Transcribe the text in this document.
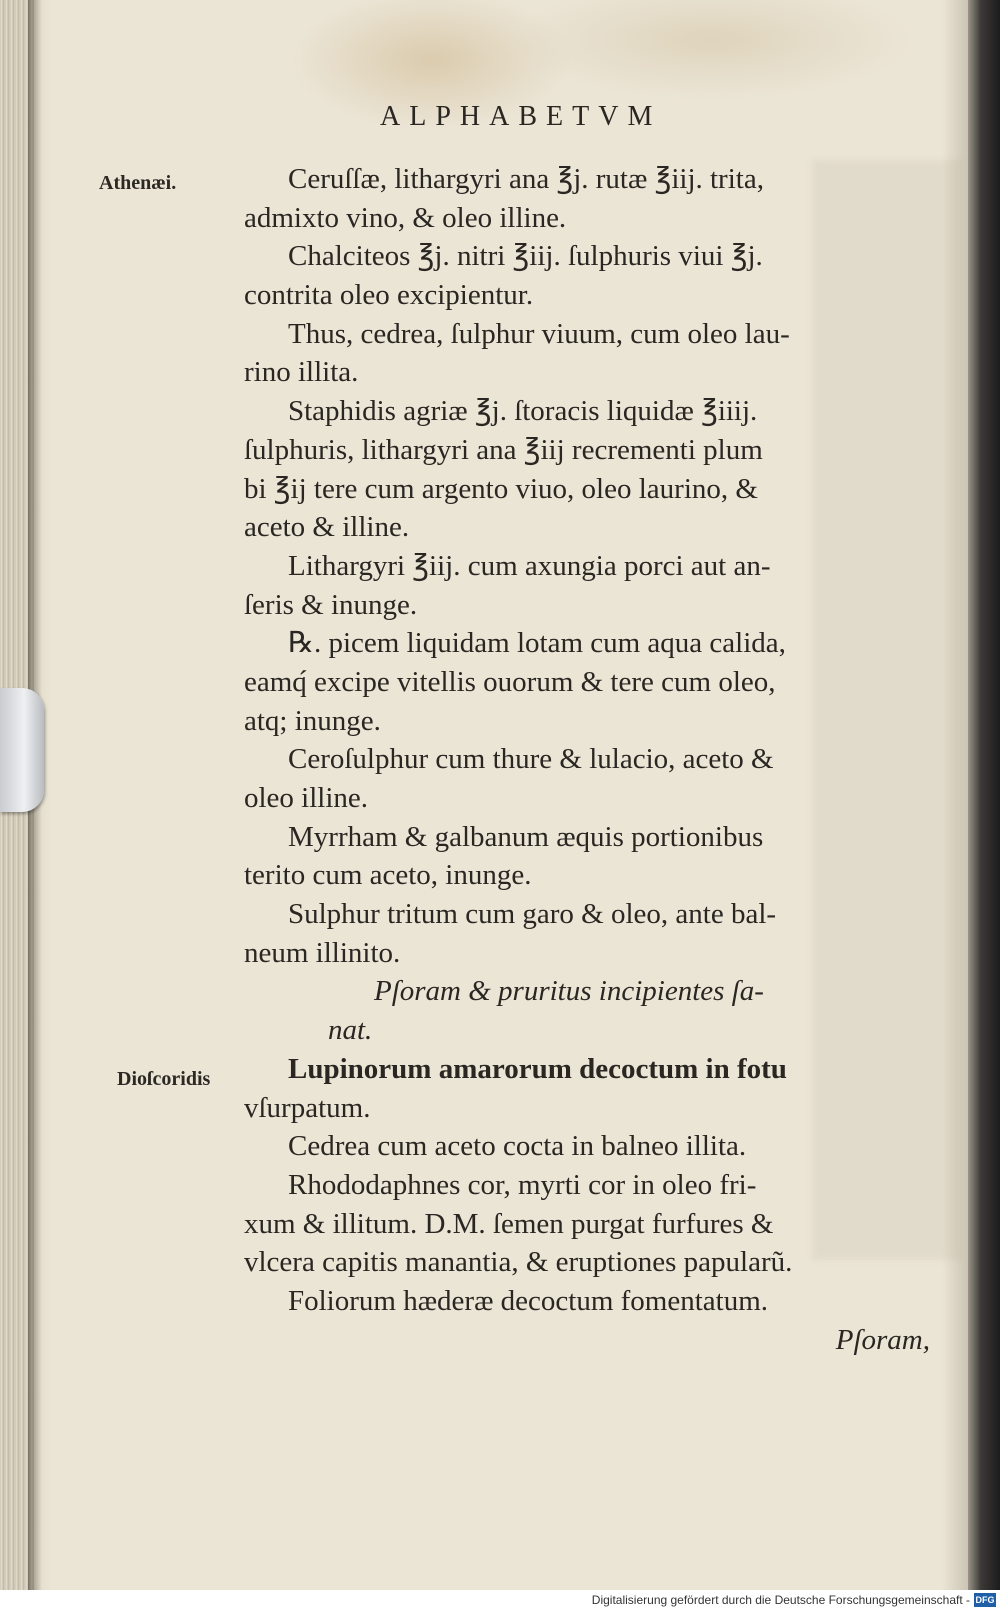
ALPHABETVM
Athenæi.
Dioſcoridis
Ceruſſæ, lithargyri ana ℥j. rutæ ℥iij. trita,
admixto vino, & oleo illine.
Chalciteos ℥j. nitri ℥iij. ſulphuris viui ℥j.
contrita oleo excipientur.
Thus, cedrea, ſulphur viuum, cum oleo lau-
rino illita.
Staphidis agriæ ℥j. ſtoracis liquidæ ℥iiij.
ſulphuris, lithargyri ana ℥iij recrementi plum
bi ℥ij tere cum argento viuo, oleo laurino, &
aceto & illine.
Lithargyri ℥iij. cum axungia porci aut an-
ſeris & inunge.
℞. picem liquidam lotam cum aqua calida,
eamq́ excipe vitellis ouorum & tere cum oleo,
atq; inunge.
Ceroſulphur cum thure & lulacio, aceto &
oleo illine.
Myrrham & galbanum æquis portionibus
terito cum aceto, inunge.
Sulphur tritum cum garo & oleo, ante bal-
neum illinito.
Pſoram & pruritus incipientes ſa-
nat.
Lupinorum amarorum decoctum in fotu
vſurpatum.
Cedrea cum aceto cocta in balneo illita.
Rhododaphnes cor, myrti cor in oleo fri-
xum & illitum. D.M. ſemen purgat furfures &
vlcera capitis manantia, & eruptiones papularũ.
Foliorum hæderæ decoctum fomentatum.
Pſoram,
Digitalisierung gefördert durch die Deutsche Forschungsgemeinschaft - DFG
